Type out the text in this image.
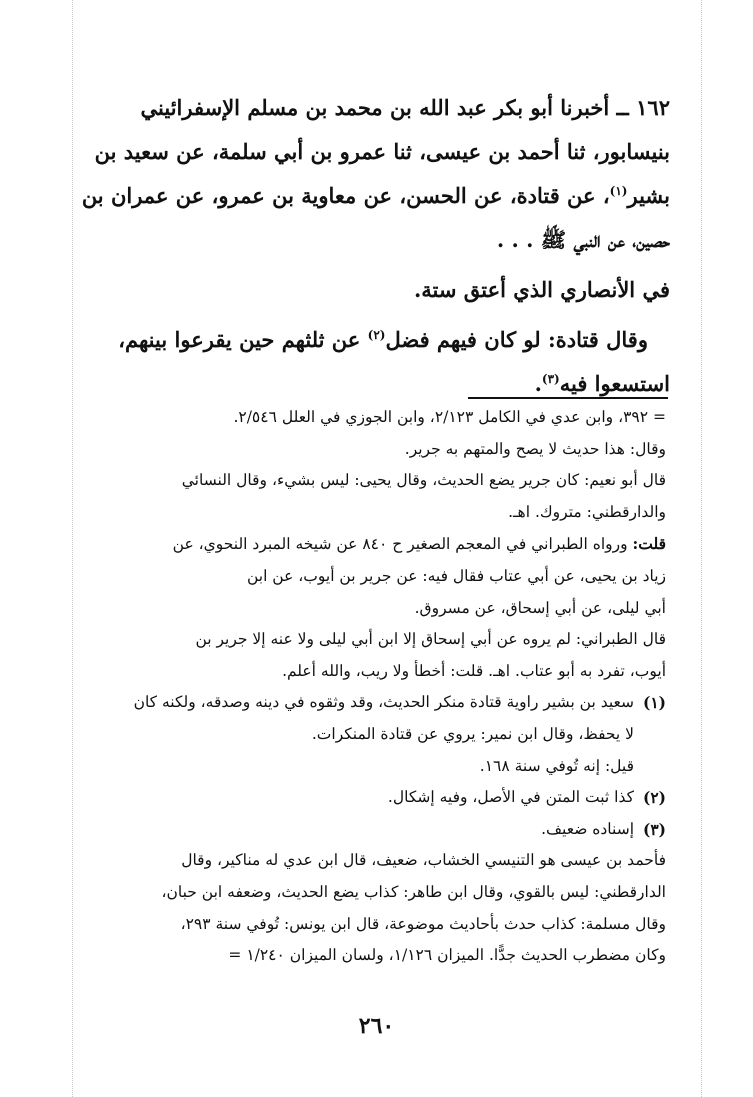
١٦٢ ــ أخبرنا أبو بكر عبد الله بن محمد بن مسلم الإسفرائيني

بنيسابور، ثنا أحمد بن عيسى، ثنا عمرو بن أبي سلمة، عن سعيد بن

بشير$^{(١)}$، عن قتادة، عن الحسن، عن معاوية بن عمرو، عن عمران بن

حصين، عن النبي ﷺ . . .

في الأنصاري الذي أعتق ستة.

وقال قتادة: لو كان فيهم فضل$^{(٢)}$ عن ثلثهم حين يقرعوا بينهم،

استسعوا فيه$^{(٣)}$.

= ٣٩٢، وابن عدي في الكامل ٢/١٢٣، وابن الجوزي في العلل ٢/٥٤٦.
وقال: هذا حديث لا يصح والمتهم به جرير.
قال أبو نعيم: كان جرير يضع الحديث، وقال يحيى: ليس بشيء، وقال النسائي
والدارقطني: متروك. اهـ.
قلت: ورواه الطبراني في المعجم الصغير ح ٨٤٠ عن شيخه المبرد النحوي، عن
زياد بن يحيى، عن أبي عتاب فقال فيه: عن جرير بن أيوب، عن ابن
أبي ليلى، عن أبي إسحاق، عن مسروق.
قال الطبراني: لم يروه عن أبي إسحاق إلا ابن أبي ليلى ولا عنه إلا جرير بن
أيوب، تفرد به أبو عتاب. اهـ. قلت: أخطأ ولا ريب، والله أعلم.
(١)
سعيد بن بشير راوية قتادة منكر الحديث، وقد وثقوه في دينه وصدقه، ولكنه كان
لا يحفظ، وقال ابن نمير: يروي عن قتادة المنكرات.
قيل: إنه تُوفي سنة ١٦٨.
(٢)
كذا ثبت المتن في الأصل، وفيه إشكال.
(٣)
إسناده ضعيف.
فأحمد بن عيسى هو التنيسي الخشاب، ضعيف، قال ابن عدي له مناكير، وقال
الدارقطني: ليس بالقوي، وقال ابن طاهر: كذاب يضع الحديث، وضعفه ابن حبان،
وقال مسلمة: كذاب حدث بأحاديث موضوعة، قال ابن يونس: تُوفي سنة ٢٩٣،
وكان مضطرب الحديث جدًّا. الميزان ١/١٢٦، ولسان الميزان ١/٢٤٠ =
٢٦٠
